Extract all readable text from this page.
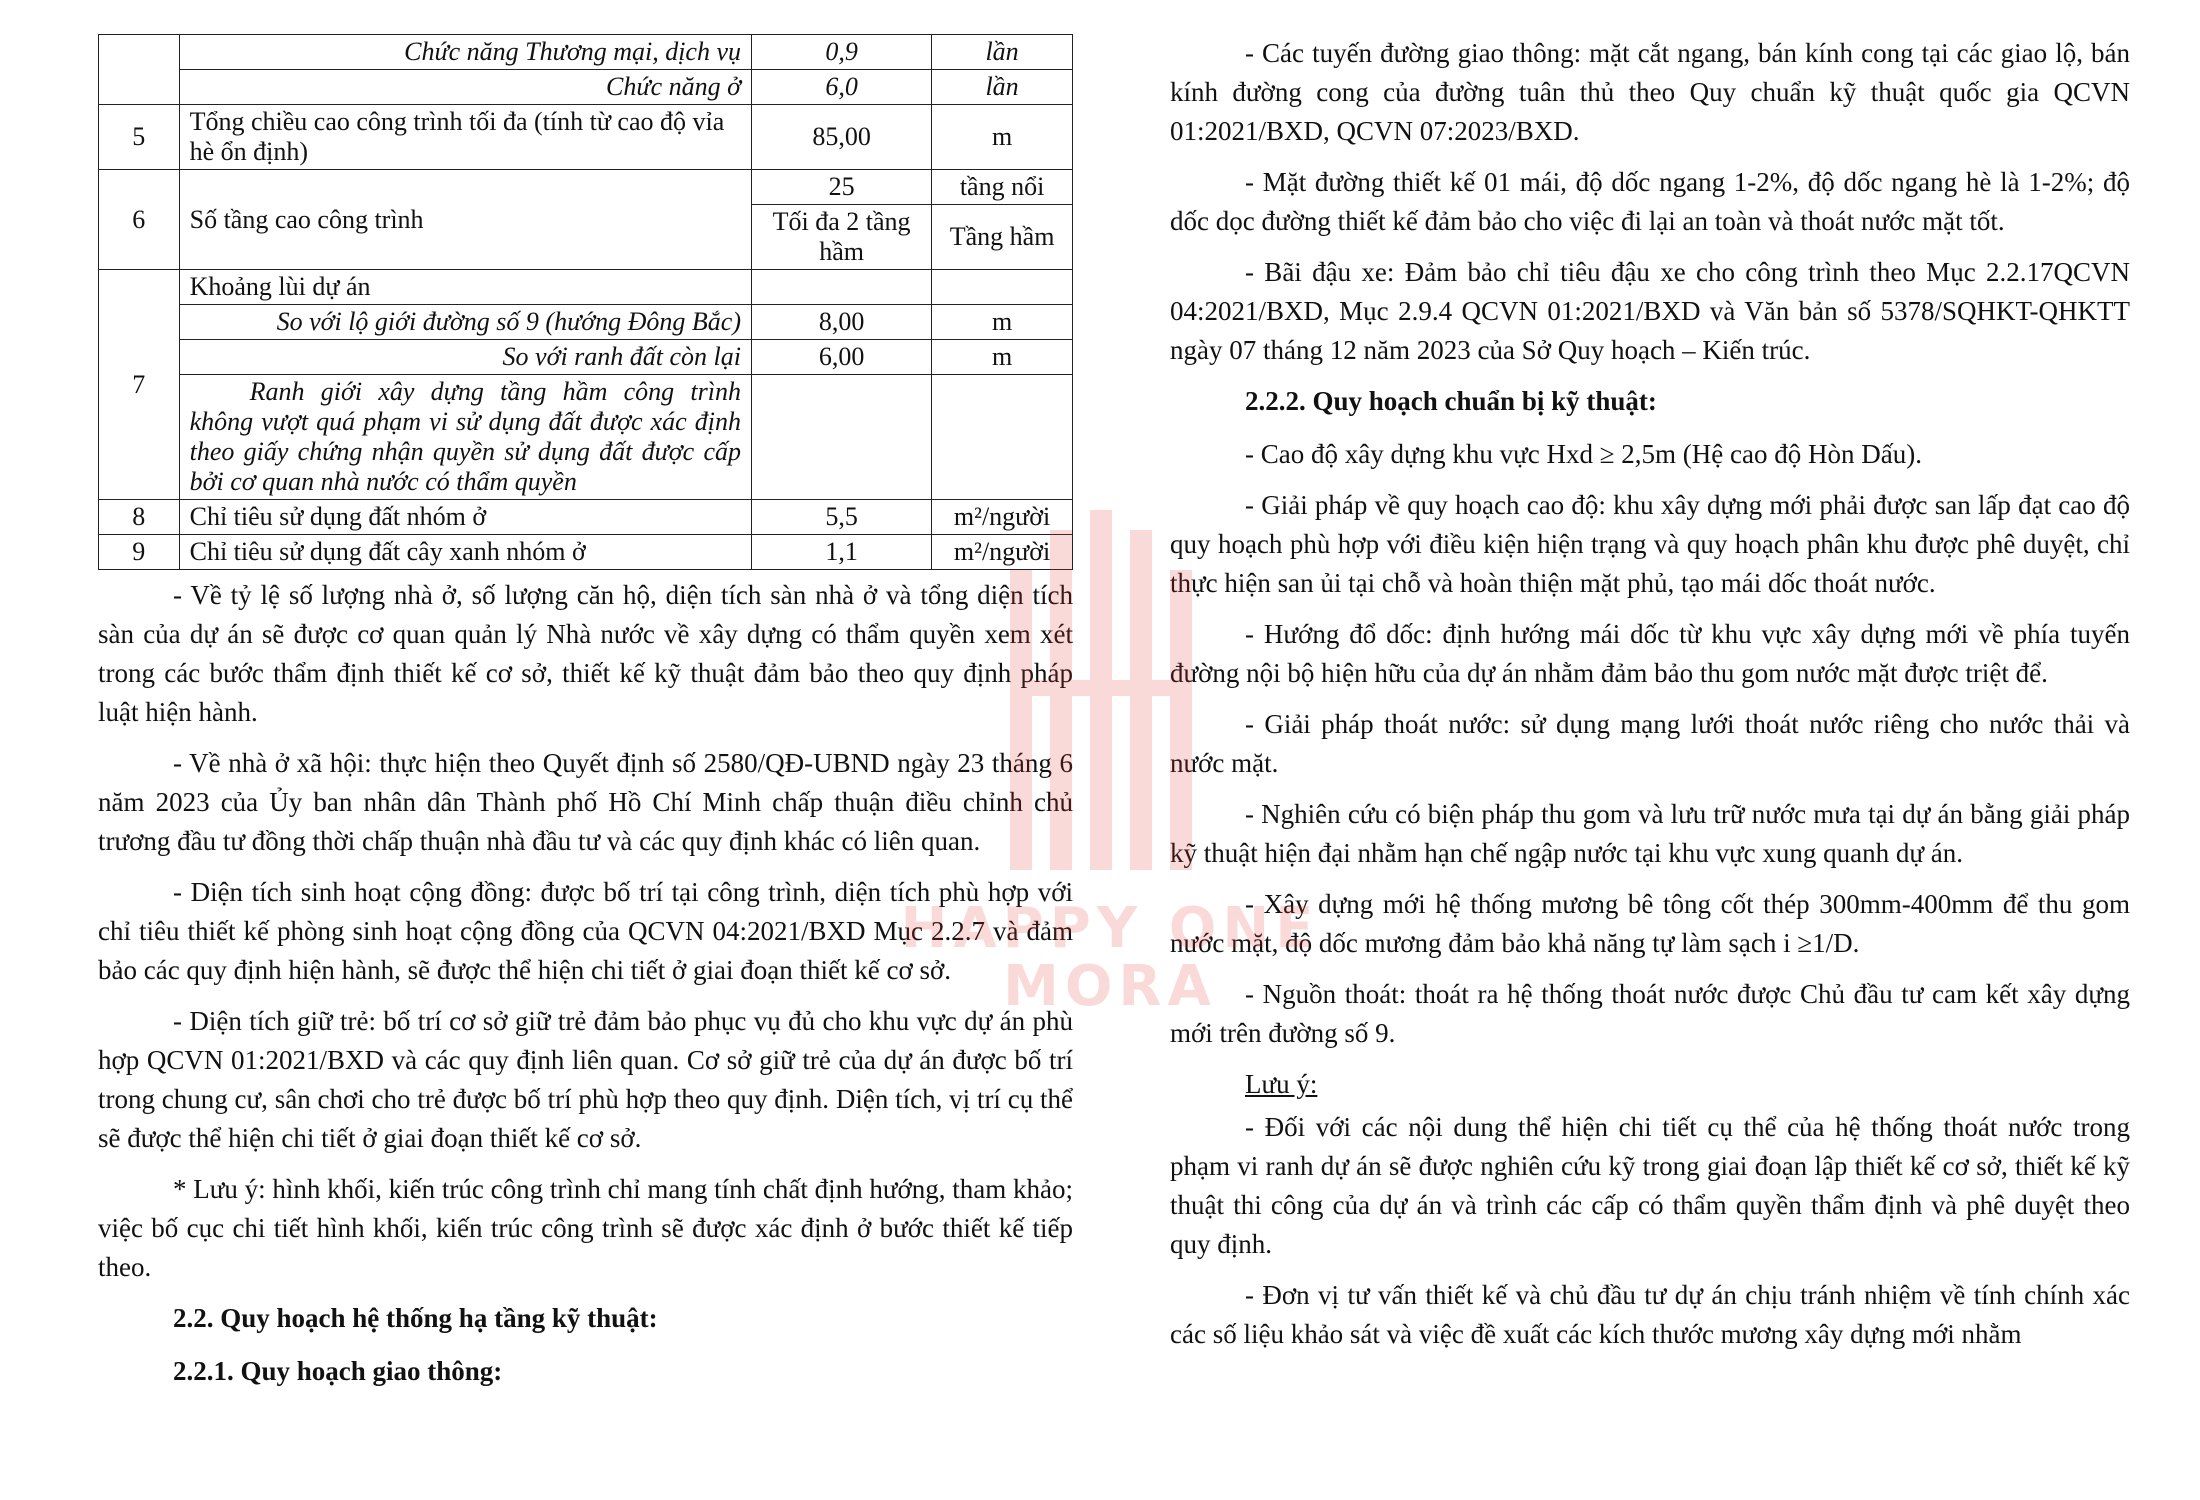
	Chức năng Thương mại, dịch vụ	0,9	lần
	Chức năng ở	6,0	lần
5	Tổng chiều cao công trình tối đa (tính từ cao độ vỉa hè ổn định)	85,00	m
6	Số tầng cao công trình	25	tầng nổi
		Tối đa 2 tầng hầm	Tầng hầm
7	Khoảng lùi dự án		
	So với lộ giới đường số 9 (hướng Đông Bắc)	8,00	m
	So với ranh đất còn lại	6,00	m
	Ranh giới xây dựng tầng hầm công trình không vượt quá phạm vi sử dụng đất được xác định theo giấy chứng nhận quyền sử dụng đất được cấp bởi cơ quan nhà nước có thẩm quyền		
8	Chỉ tiêu sử dụng đất nhóm ở	5,5	m²/người
9	Chỉ tiêu sử dụng đất cây xanh nhóm ở	1,1	m²/người

- Về tỷ lệ số lượng nhà ở, số lượng căn hộ, diện tích sàn nhà ở và tổng diện tích sàn của dự án sẽ được cơ quan quản lý Nhà nước về xây dựng có thẩm quyền xem xét trong các bước thẩm định thiết kế cơ sở, thiết kế kỹ thuật đảm bảo theo quy định pháp luật hiện hành.

- Về nhà ở xã hội: thực hiện theo Quyết định số 2580/QĐ-UBND ngày 23 tháng 6 năm 2023 của Ủy ban nhân dân Thành phố Hồ Chí Minh chấp thuận điều chỉnh chủ trương đầu tư đồng thời chấp thuận nhà đầu tư và các quy định khác có liên quan.

- Diện tích sinh hoạt cộng đồng: được bố trí tại công trình, diện tích phù hợp với chỉ tiêu thiết kế phòng sinh hoạt cộng đồng của QCVN 04:2021/BXD Mục 2.2.7 và đảm bảo các quy định hiện hành, sẽ được thể hiện chi tiết ở giai đoạn thiết kế cơ sở.

- Diện tích giữ trẻ: bố trí cơ sở giữ trẻ đảm bảo phục vụ đủ cho khu vực dự án phù hợp QCVN 01:2021/BXD và các quy định liên quan. Cơ sở giữ trẻ của dự án được bố trí trong chung cư, sân chơi cho trẻ được bố trí phù hợp theo quy định. Diện tích, vị trí cụ thể sẽ được thể hiện chi tiết ở giai đoạn thiết kế cơ sở.

* Lưu ý: hình khối, kiến trúc công trình chỉ mang tính chất định hướng, tham khảo; việc bố cục chi tiết hình khối, kiến trúc công trình sẽ được xác định ở bước thiết kế tiếp theo.

2.2. Quy hoạch hệ thống hạ tầng kỹ thuật:
2.2.1. Quy hoạch giao thông:

- Các tuyến đường giao thông: mặt cắt ngang, bán kính cong tại các giao lộ, bán kính đường cong của đường tuân thủ theo Quy chuẩn kỹ thuật quốc gia QCVN 01:2021/BXD, QCVN 07:2023/BXD.

- Mặt đường thiết kế 01 mái, độ dốc ngang 1-2%, độ dốc ngang hè là 1-2%; độ dốc dọc đường thiết kế đảm bảo cho việc đi lại an toàn và thoát nước mặt tốt.

- Bãi đậu xe: Đảm bảo chỉ tiêu đậu xe cho công trình theo Mục 2.2.17QCVN 04:2021/BXD, Mục 2.9.4 QCVN 01:2021/BXD và Văn bản số 5378/SQHKT-QHKTT ngày 07 tháng 12 năm 2023 của Sở Quy hoạch – Kiến trúc.

2.2.2. Quy hoạch chuẩn bị kỹ thuật:

- Cao độ xây dựng khu vực Hxd ≥ 2,5m (Hệ cao độ Hòn Dấu).

- Giải pháp về quy hoạch cao độ: khu xây dựng mới phải được san lấp đạt cao độ quy hoạch phù hợp với điều kiện hiện trạng và quy hoạch phân khu được phê duyệt, chỉ thực hiện san ủi tại chỗ và hoàn thiện mặt phủ, tạo mái dốc thoát nước.

- Hướng đổ dốc: định hướng mái dốc từ khu vực xây dựng mới về phía tuyến đường nội bộ hiện hữu của dự án nhằm đảm bảo thu gom nước mặt được triệt để.

- Giải pháp thoát nước: sử dụng mạng lưới thoát nước riêng cho nước thải và nước mặt.

- Nghiên cứu có biện pháp thu gom và lưu trữ nước mưa tại dự án bằng giải pháp kỹ thuật hiện đại nhằm hạn chế ngập nước tại khu vực xung quanh dự án.

- Xây dựng mới hệ thống mương bê tông cốt thép 300mm-400mm để thu gom nước mặt, độ dốc mương đảm bảo khả năng tự làm sạch i ≥1/D.

- Nguồn thoát: thoát ra hệ thống thoát nước được Chủ đầu tư cam kết xây dựng mới trên đường số 9.

Lưu ý:

- Đối với các nội dung thể hiện chi tiết cụ thể của hệ thống thoát nước trong phạm vi ranh dự án sẽ được nghiên cứu kỹ trong giai đoạn lập thiết kế cơ sở, thiết kế kỹ thuật thi công của dự án và trình các cấp có thẩm quyền thẩm định và phê duyệt theo quy định.

- Đơn vị tư vấn thiết kế và chủ đầu tư dự án chịu tránh nhiệm về tính chính xác các số liệu khảo sát và việc đề xuất các kích thước mương xây dựng mới nhằm

HAPPY ONE
MORA
